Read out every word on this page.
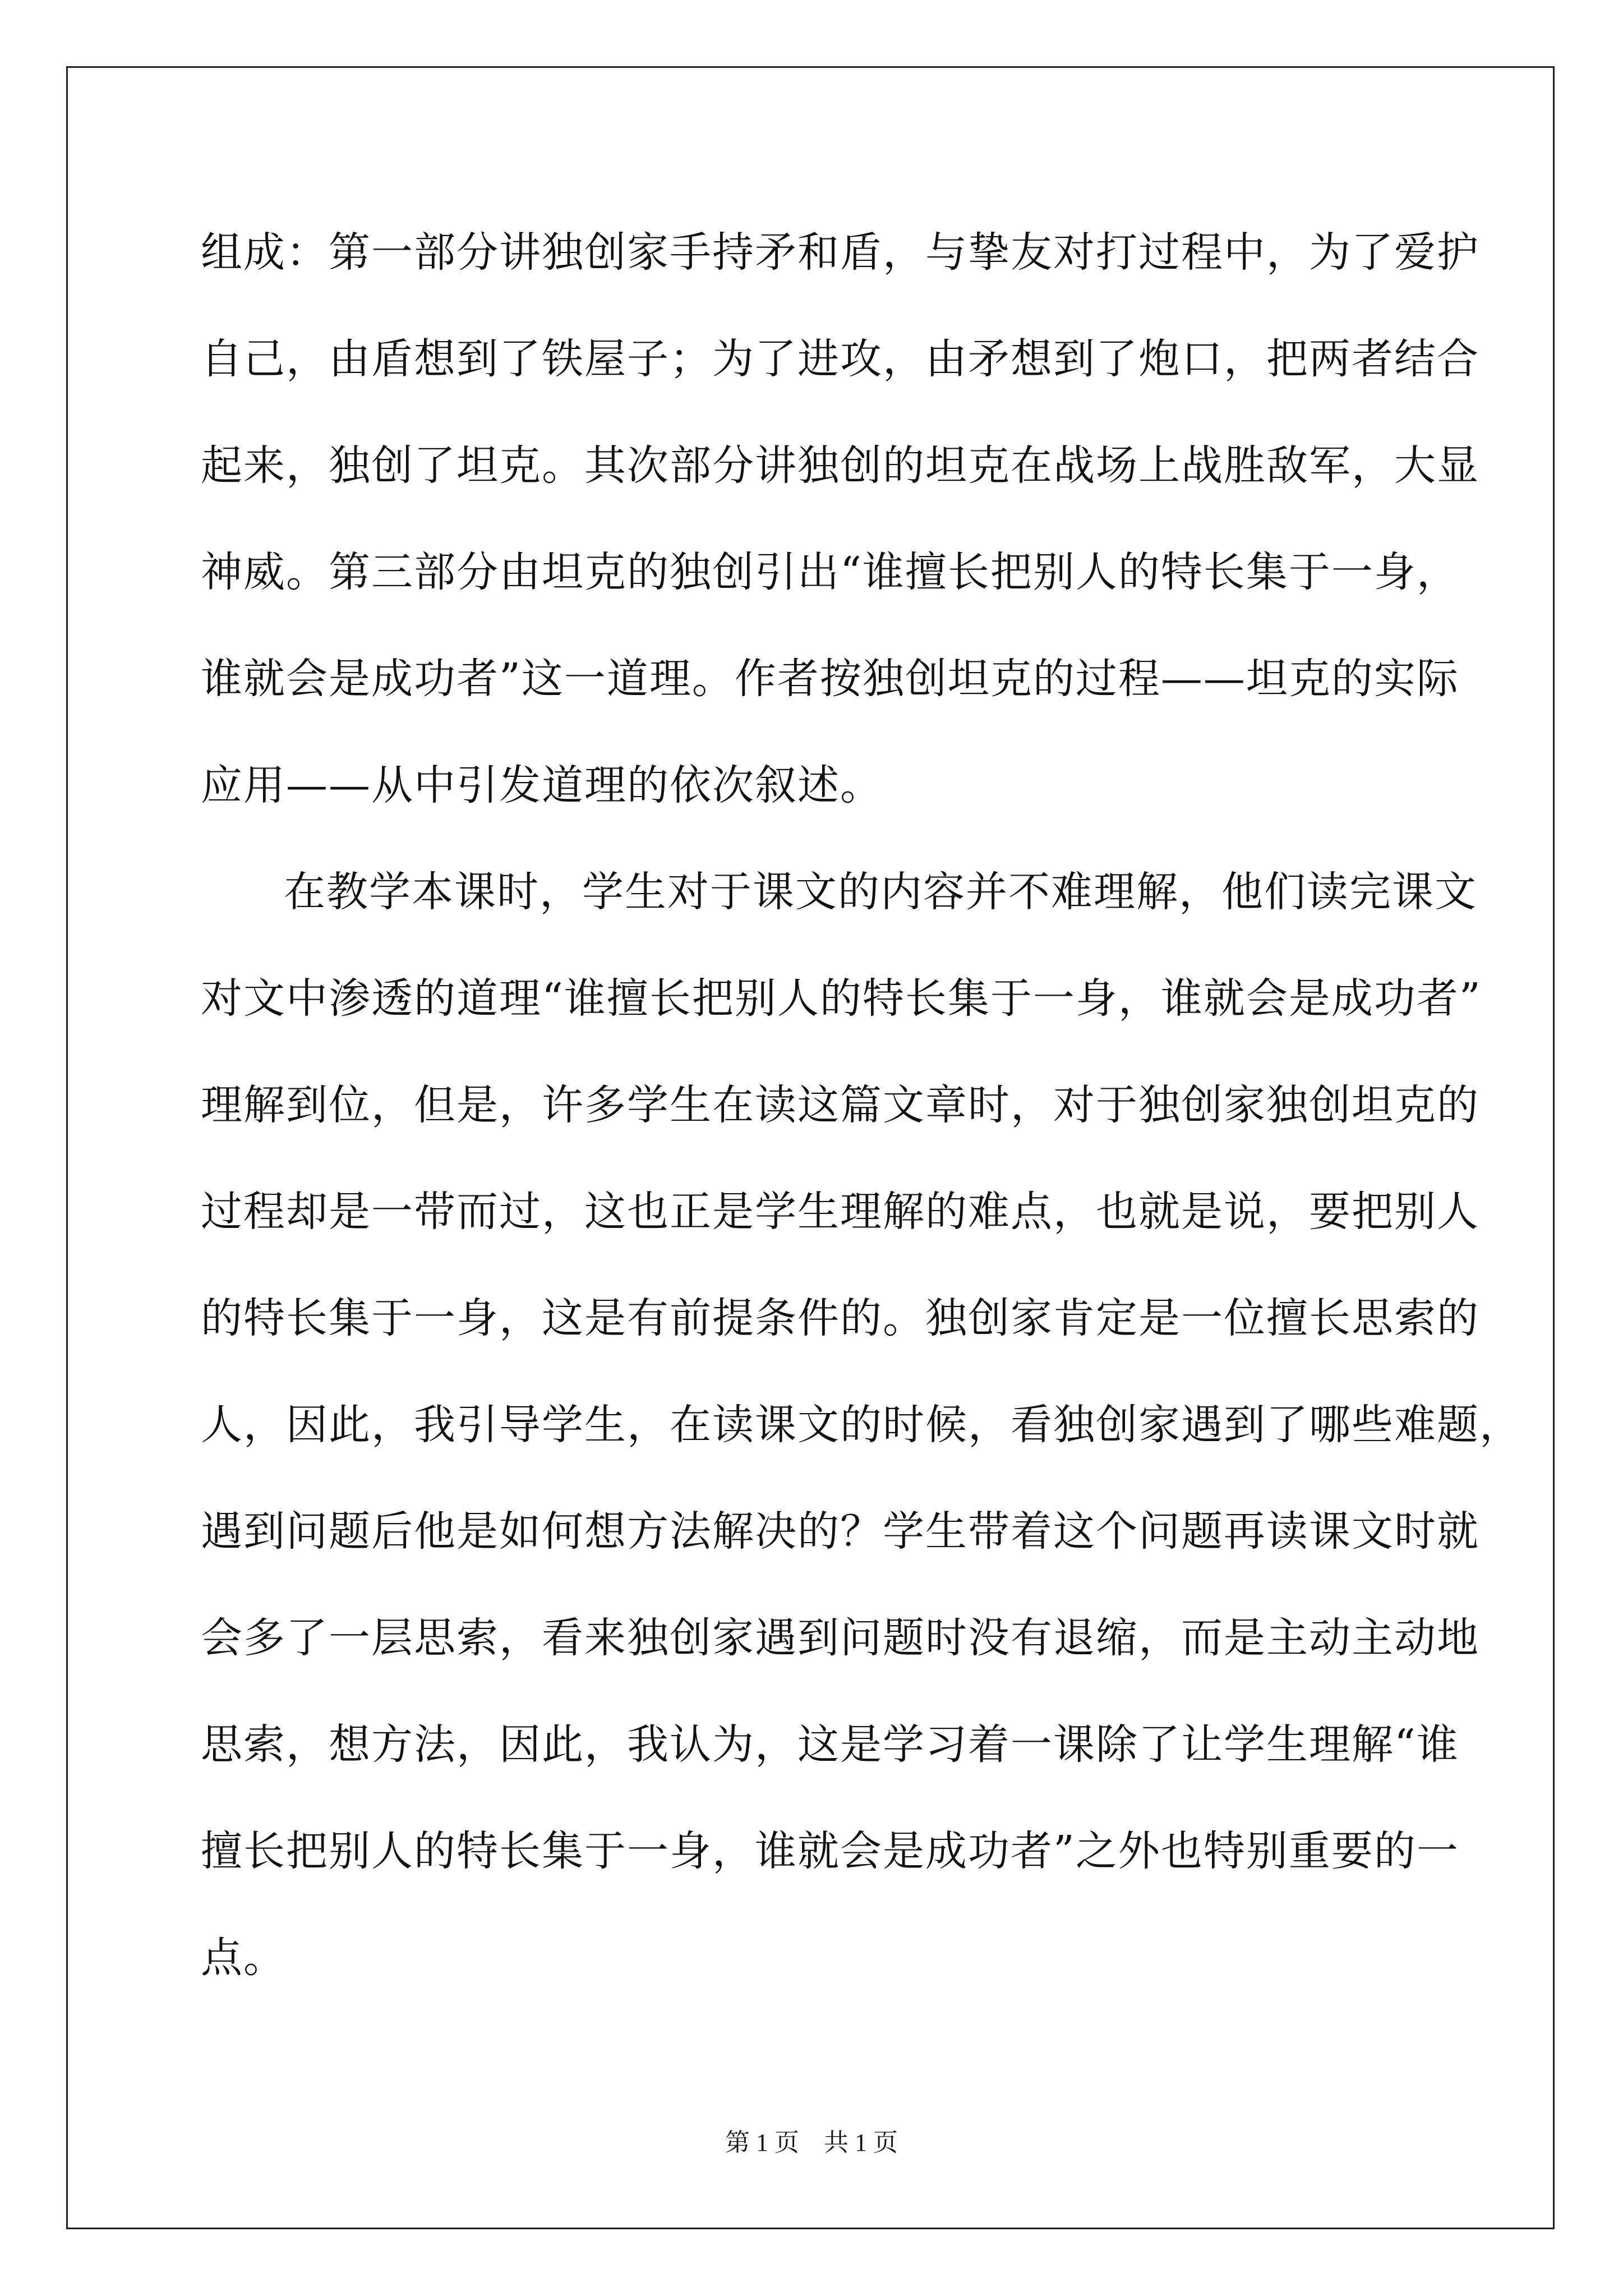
组成：第一部分讲独创家手持矛和盾，与挚友对打过程中，为了爱护
自己，由盾想到了铁屋子；为了进攻，由矛想到了炮口，把两者结合
起来，独创了坦克。其次部分讲独创的坦克在战场上战胜敌军，大显
神威。第三部分由坦克的独创引出“谁擅长把别人的特长集于一身，
谁就会是成功者”这一道理。作者按独创坦克的过程——坦克的实际
应用——从中引发道理的依次叙述。
在教学本课时，学生对于课文的内容并不难理解，他们读完课文
对文中渗透的道理“谁擅长把别人的特长集于一身，谁就会是成功者”
理解到位，但是，许多学生在读这篇文章时，对于独创家独创坦克的
过程却是一带而过，这也正是学生理解的难点，也就是说，要把别人
的特长集于一身，这是有前提条件的。独创家肯定是一位擅长思索的
人，因此，我引导学生，在读课文的时候，看独创家遇到了哪些难题，
遇到问题后他是如何想方法解决的？学生带着这个问题再读课文时就
会多了一层思索，看来独创家遇到问题时没有退缩，而是主动主动地
思索，想方法，因此，我认为，这是学习着一课除了让学生理解“谁
擅长把别人的特长集于一身，谁就会是成功者”之外也特别重要的一
点。
第 1 页　共 1 页
